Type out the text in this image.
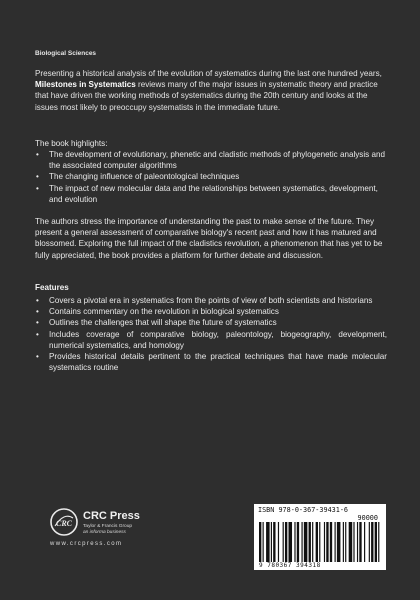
Biological Sciences

Presenting a historical analysis of the evolution of systematics during the last one hundred years, Milestones in Systematics reviews many of the major issues in systematic theory and practice that have driven the working methods of systematics during the 20th century and looks at the issues most likely to preoccupy systematists in the immediate future.

The book highlights:
• The development of evolutionary, phenetic and cladistic methods of phylogenetic analysis and the associated computer algorithms
• The changing influence of paleontological techniques
• The impact of new molecular data and the relationships between systematics, development, and evolution

The authors stress the importance of understanding the past to make sense of the future. They present a general assessment of comparative biology's recent past and how it has matured and blossomed. Exploring the full impact of the cladistics revolution, a phenomenon that has yet to be fully appreciated, the book provides a platform for further debate and discussion.

Features
• Covers a pivotal era in systematics from the points of view of both scientists and historians
• Contains commentary on the revolution in biological systematics
• Outlines the challenges that will shape the future of systematics
• Includes coverage of comparative biology, paleontology, biogeography, development, numerical systematics, and homology
• Provides historical details pertinent to the practical techniques that have made molecular systematics routine
CRC
CRC Press
Taylor & Francis Group
an informa business
www.crcpress.com
ISBN 978-0-367-39431-6
90000
9 780367 394318
